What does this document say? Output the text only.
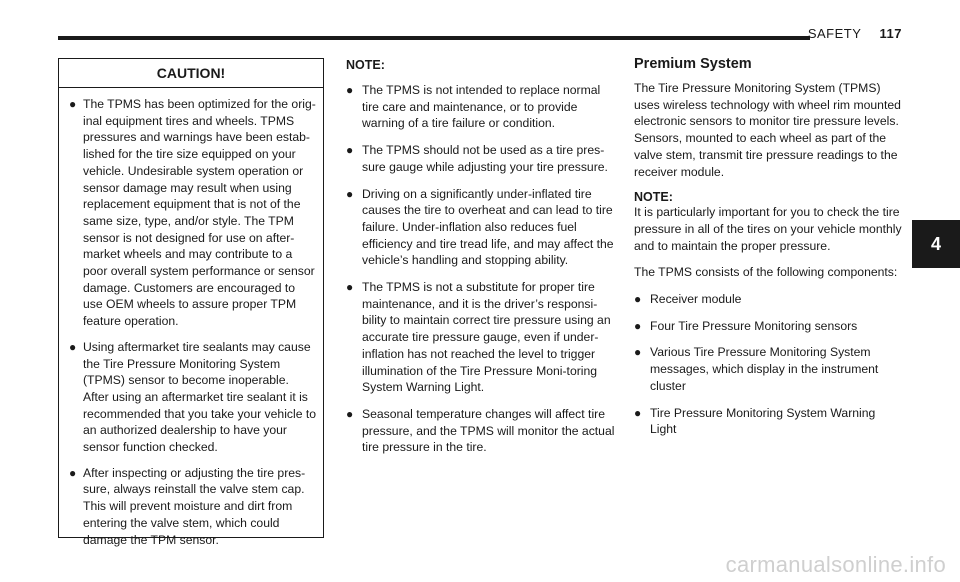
SAFETY 117
4
CAUTION!
● The TPMS has been optimized for the orig-inal equipment tires and wheels. TPMS pressures and warnings have been estab-lished for the tire size equipped on your vehicle. Undesirable system operation or sensor damage may result when using replacement equipment that is not of the same size, type, and/or style. The TPM sensor is not designed for use on after-market wheels and may contribute to a poor overall system performance or sensor damage. Customers are encouraged to use OEM wheels to assure proper TPM feature operation.
● Using aftermarket tire sealants may cause the Tire Pressure Monitoring System (TPMS) sensor to become inoperable. After using an aftermarket tire sealant it is recommended that you take your vehicle to an authorized dealership to have your sensor function checked.
● After inspecting or adjusting the tire pres-sure, always reinstall the valve stem cap. This will prevent moisture and dirt from entering the valve stem, which could damage the TPM sensor.
NOTE:
● The TPMS is not intended to replace normal tire care and maintenance, or to provide warning of a tire failure or condition.
● The TPMS should not be used as a tire pres-sure gauge while adjusting your tire pressure.
● Driving on a significantly under-inflated tire causes the tire to overheat and can lead to tire failure. Under-inflation also reduces fuel efficiency and tire tread life, and may affect the vehicle’s handling and stopping ability.
● The TPMS is not a substitute for proper tire maintenance, and it is the driver’s responsi-bility to maintain correct tire pressure using an accurate tire pressure gauge, even if under-inflation has not reached the level to trigger illumination of the Tire Pressure Moni-toring System Warning Light.
● Seasonal temperature changes will affect tire pressure, and the TPMS will monitor the actual tire pressure in the tire.
Premium System

The Tire Pressure Monitoring System (TPMS) uses wireless technology with wheel rim mounted electronic sensors to monitor tire pressure levels. Sensors, mounted to each wheel as part of the valve stem, transmit tire pressure readings to the receiver module.

NOTE:

It is particularly important for you to check the tire pressure in all of the tires on your vehicle monthly and to maintain the proper pressure.

The TPMS consists of the following components:

● Receiver module
● Four Tire Pressure Monitoring sensors
● Various Tire Pressure Monitoring System messages, which display in the instrument cluster
● Tire Pressure Monitoring System Warning Light
carmanualsonline.info
